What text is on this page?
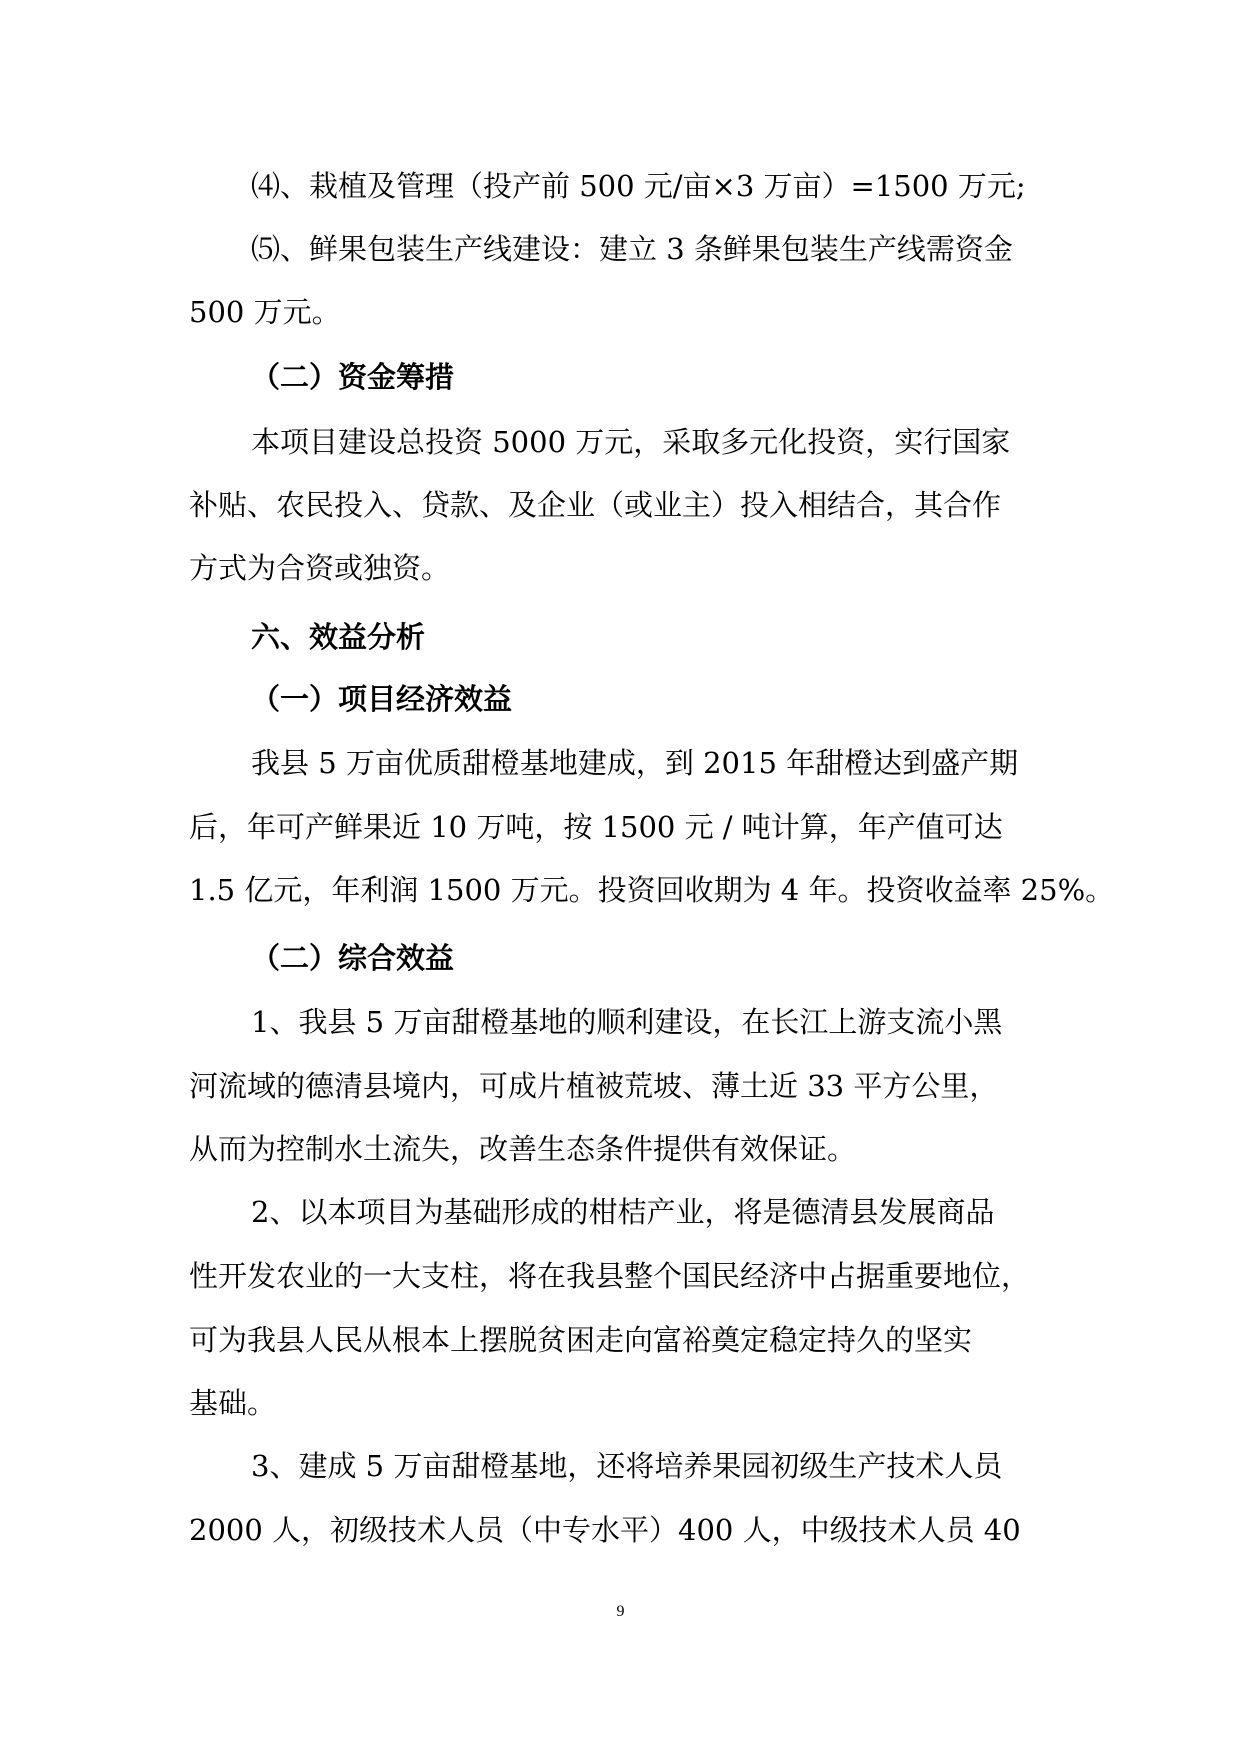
⑷、栽植及管理（投产前 500 元/亩×3 万亩）=1500 万元;
⑸、鲜果包装生产线建设：建立 3 条鲜果包装生产线需资金
500 万元。
（二）资金筹措
本项目建设总投资 5000 万元，采取多元化投资，实行国家
补贴、农民投入、贷款、及企业（或业主）投入相结合，其合作
方式为合资或独资。
六、效益分析
（一）项目经济效益
我县 5 万亩优质甜橙基地建成，到 2015 年甜橙达到盛产期
后，年可产鲜果近 10 万吨，按 1500 元 / 吨计算，年产值可达
1.5 亿元，年利润 1500 万元。投资回收期为 4 年。投资收益率 25%。
（二）综合效益
1、我县 5 万亩甜橙基地的顺利建设，在长江上游支流小黑
河流域的德清县境内，可成片植被荒坡、薄土近 33 平方公里，
从而为控制水土流失，改善生态条件提供有效保证。
2、以本项目为基础形成的柑桔产业，将是德清县发展商品
性开发农业的一大支柱，将在我县整个国民经济中占据重要地位，
可为我县人民从根本上摆脱贫困走向富裕奠定稳定持久的坚实
基础。
3、建成 5 万亩甜橙基地，还将培养果园初级生产技术人员
2000 人，初级技术人员（中专水平）400 人，中级技术人员 40
9
